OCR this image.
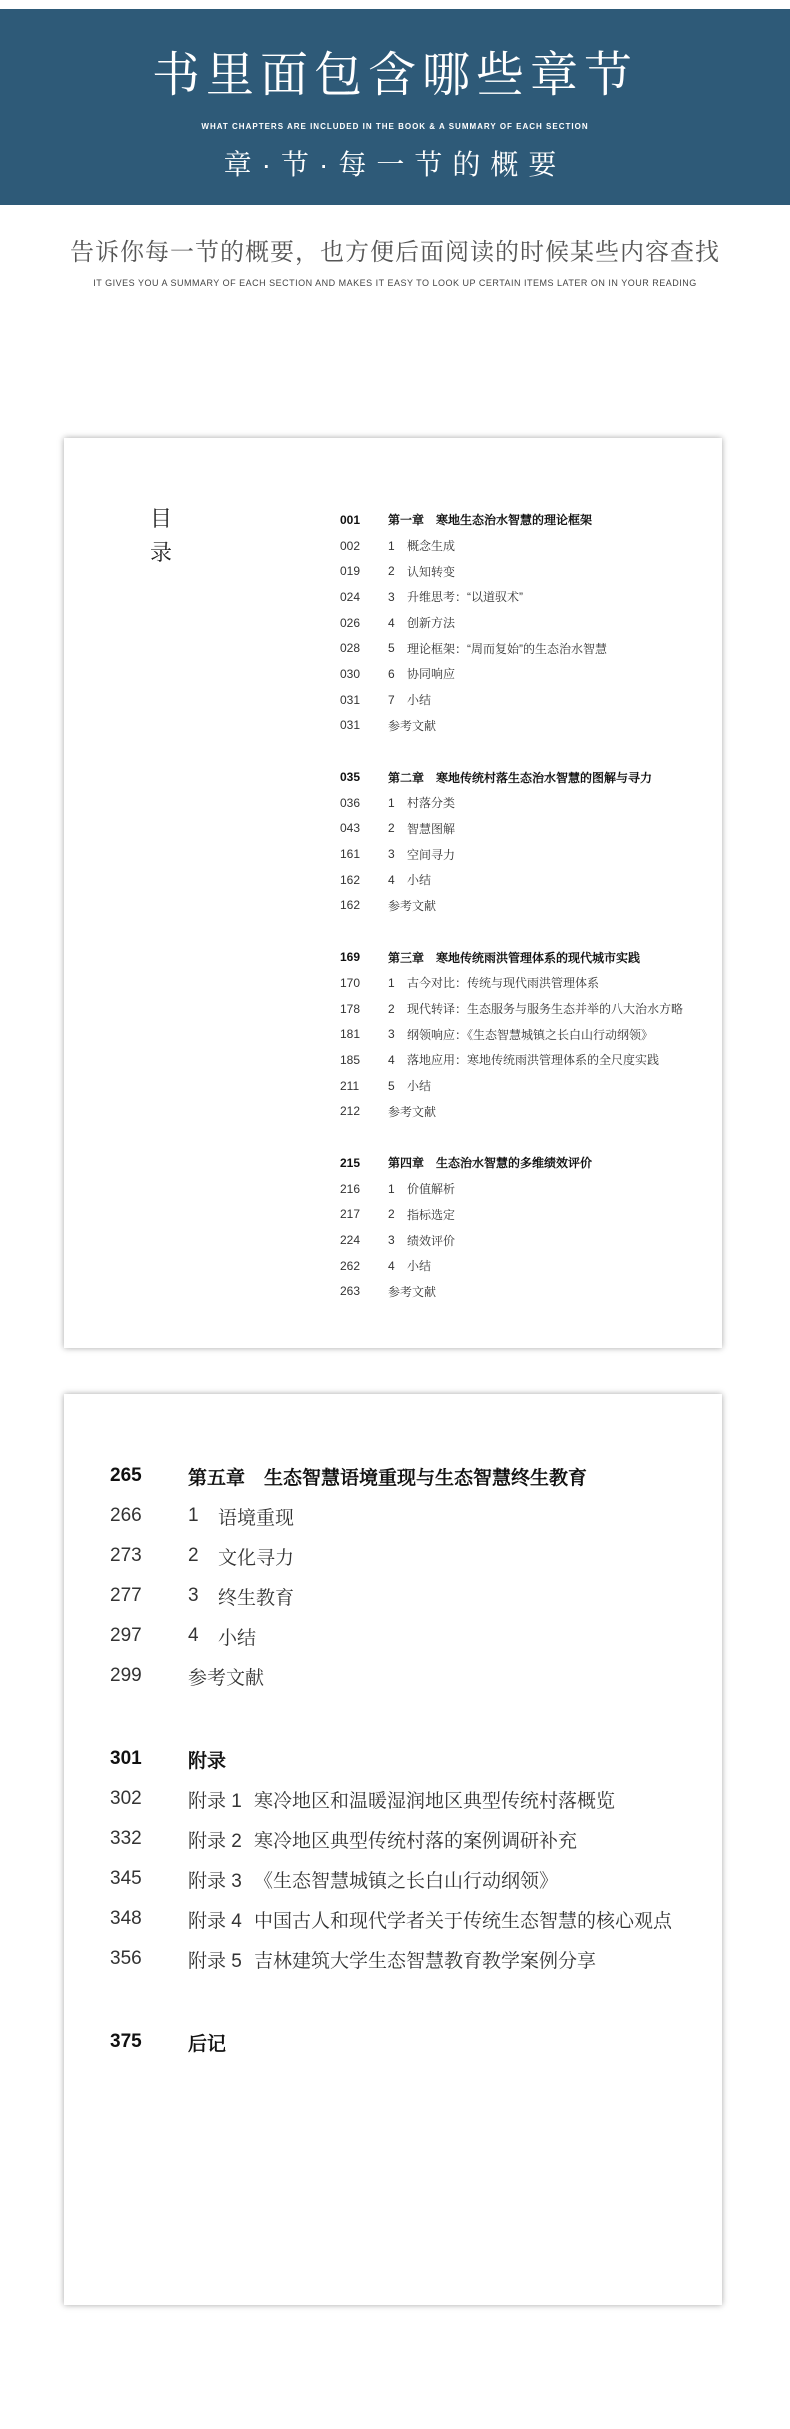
书里面包含哪些章节
WHAT CHAPTERS ARE INCLUDED IN THE BOOK & A SUMMARY OF EACH SECTION
章·节·每一节的概要
告诉你每一节的概要，也方便后面阅读的时候某些内容查找
IT GIVES YOU A SUMMARY OF EACH SECTION AND MAKES IT EASY TO LOOK UP CERTAIN ITEMS LATER ON IN YOUR READING
目
录
001	第一章　寒地生态治水智慧的理论框架
002	1	概念生成
019	2	认知转变
024	3	升维思考：“以道驭术”
026	4	创新方法
028	5	理论框架：“周而复始”的生态治水智慧
030	6	协同响应
031	7	小结
031	参考文献
035	第二章　寒地传统村落生态治水智慧的图解与寻力
036	1	村落分类
043	2	智慧图解
161	3	空间寻力
162	4	小结
162	参考文献
169	第三章　寒地传统雨洪管理体系的现代城市实践
170	1	古今对比：传统与现代雨洪管理体系
178	2	现代转译：生态服务与服务生态并举的八大治水方略
181	3	纲领响应：《生态智慧城镇之长白山行动纲领》
185	4	落地应用：寒地传统雨洪管理体系的全尺度实践
211	5	小结
212	参考文献
215	第四章　生态治水智慧的多维绩效评价
216	1	价值解析
217	2	指标选定
224	3	绩效评价
262	4	小结
263	参考文献
265	第五章　生态智慧语境重现与生态智慧终生教育
266	1	语境重现
273	2	文化寻力
277	3	终生教育
297	4	小结
299	参考文献
301	附录
302	附录 1 寒冷地区和温暖湿润地区典型传统村落概览
332	附录 2 寒冷地区典型传统村落的案例调研补充
345	附录 3 《生态智慧城镇之长白山行动纲领》
348	附录 4 中国古人和现代学者关于传统生态智慧的核心观点
356	附录 5 吉林建筑大学生态智慧教育教学案例分享
375	后记
